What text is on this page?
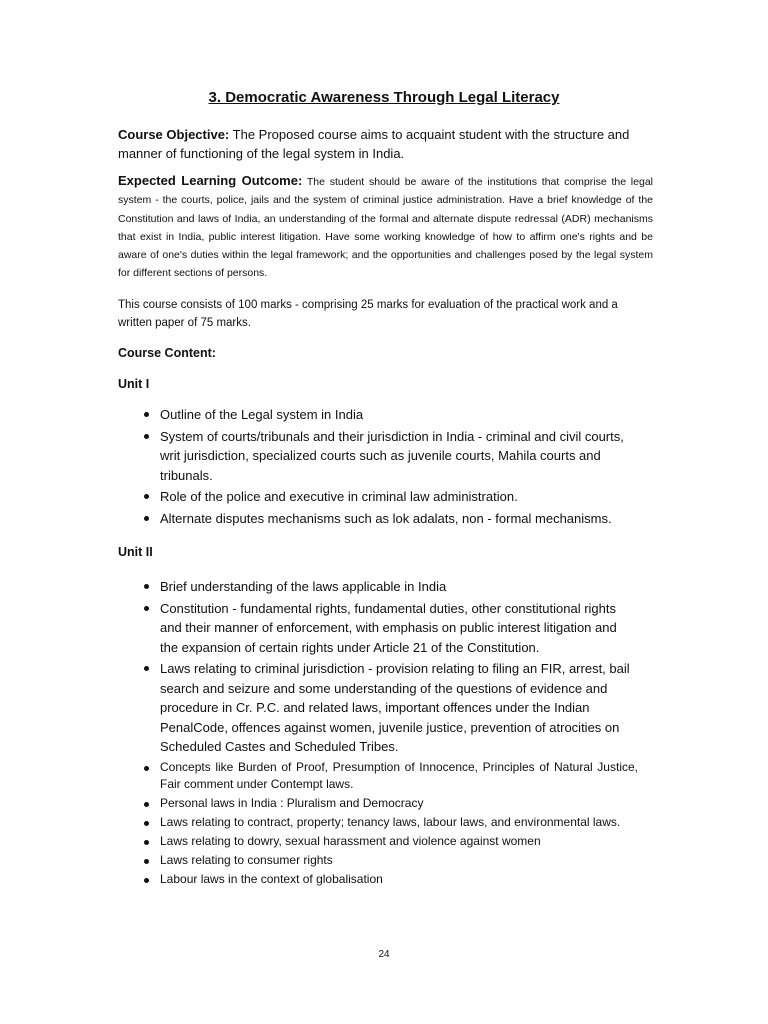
3. Democratic Awareness Through Legal Literacy

Course Objective: The Proposed course aims to acquaint student with the structure and manner of functioning of the legal system in India.

Expected Learning Outcome: The student should be aware of the institutions that comprise the legal system - the courts, police, jails and the system of criminal justice administration. Have a brief knowledge of the Constitution and laws of India, an understanding of the formal and alternate dispute redressal (ADR) mechanisms that exist in India, public interest litigation. Have some working knowledge of how to affirm one's rights and be aware of one's duties within the legal framework; and the opportunities and challenges posed by the legal system for different sections of persons.

This course consists of 100 marks - comprising 25 marks for evaluation of the practical work and a written paper of 75 marks.

Course Content:

Unit I

Outline of the Legal system in India
System of courts/tribunals and their jurisdiction in India - criminal and civil courts, writ jurisdiction, specialized courts such as juvenile courts, Mahila courts and tribunals.
Role of the police and executive in criminal law administration.
Alternate disputes mechanisms such as lok adalats, non - formal mechanisms.

Unit II

Brief understanding of the laws applicable in India
Constitution - fundamental rights, fundamental duties, other constitutional rights and their manner of enforcement, with emphasis on public interest litigation and the expansion of certain rights under Article 21 of the Constitution.
Laws relating to criminal jurisdiction - provision relating to filing an FIR, arrest, bail search and seizure and some understanding of the questions of evidence and procedure in Cr. P.C. and related laws, important offences under the Indian PenalCode, offences against women, juvenile justice, prevention of atrocities on Scheduled Castes and Scheduled Tribes.
Concepts like Burden of Proof, Presumption of Innocence, Principles of Natural Justice, Fair comment under Contempt laws.
Personal laws in India : Pluralism and Democracy
Laws relating to contract, property; tenancy laws, labour laws, and environmental laws.
Laws relating to dowry, sexual harassment and violence against women
Laws relating to consumer rights
Labour laws in the context of globalisation

24
